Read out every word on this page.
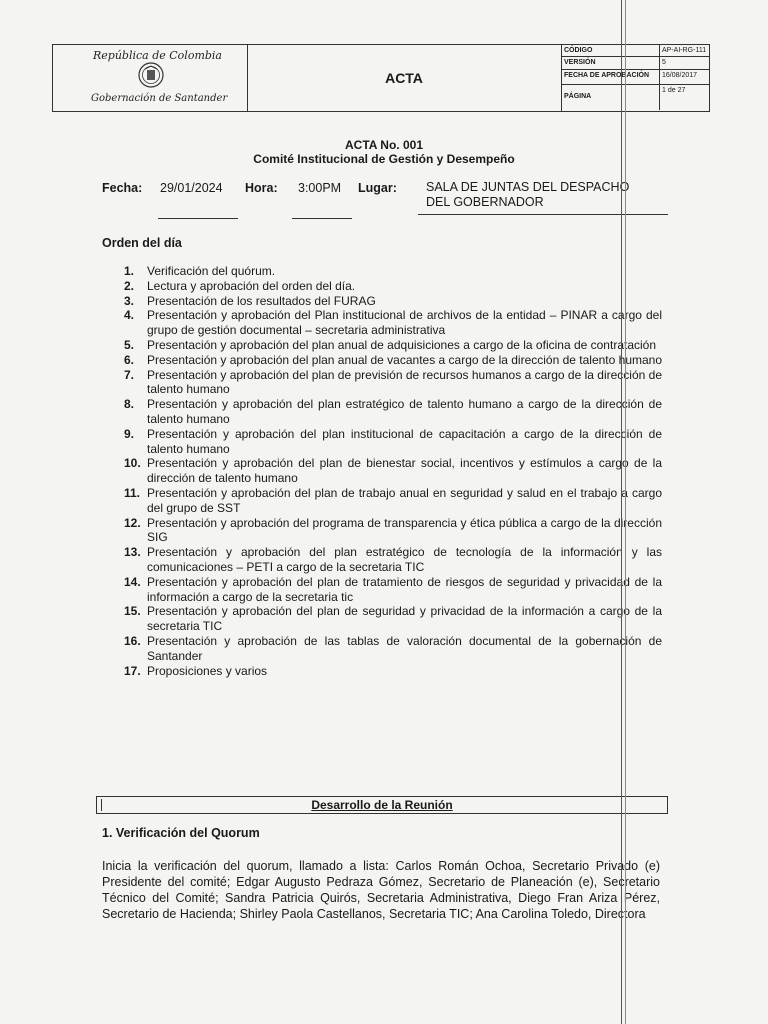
República de Colombia
Gobernación de Santander
ACTA
CÓDIGO	AP-AI-RG-111
VERSIÓN	5
FECHA DE APROBACIÓN 16/08/2017
PÁGINA
1 de 27
ACTA No. 001
Comité Institucional de Gestión y Desempeño
Fecha: 29/01/2024 Hora: 3:00PM Lugar: SALA DE JUNTAS DEL DESPACHO
DEL GOBERNADOR
Orden del día
1. Verificación del quórum.
2. Lectura y aprobación del orden del día.
3. Presentación de los resultados del FURAG
4. Presentación y aprobación del Plan institucional de archivos de la entidad – PINAR a cargo del grupo de gestión documental – secretaria administrativa
5. Presentación y aprobación del plan anual de adquisiciones a cargo de la oficina de contratación
6. Presentación y aprobación del plan anual de vacantes a cargo de la dirección de talento humano
7. Presentación y aprobación del plan de previsión de recursos humanos a cargo de la dirección de talento humano
8. Presentación y aprobación del plan estratégico de talento humano a cargo de la dirección de talento humano
9. Presentación y aprobación del plan institucional de capacitación a cargo de la dirección de talento humano
10. Presentación y aprobación del plan de bienestar social, incentivos y estímulos a cargo de la dirección de talento humano
11. Presentación y aprobación del plan de trabajo anual en seguridad y salud en el trabajo a cargo del grupo de SST
12. Presentación y aprobación del programa de transparencia y ética pública a cargo de la dirección SIG
13. Presentación y aprobación del plan estratégico de tecnología de la información y las comunicaciones – PETI a cargo de la secretaria TIC
14. Presentación y aprobación del plan de tratamiento de riesgos de seguridad y privacidad de la información a cargo de la secretaria tic
15. Presentación y aprobación del plan de seguridad y privacidad de la información a cargo de la secretaria TIC
16. Presentación y aprobación de las tablas de valoración documental de la gobernación de Santander
17. Proposiciones y varios
Desarrollo de la Reunión
1. Verificación del Quorum
Inicia la verificación del quorum, llamado a lista: Carlos Román Ochoa, Secretario Privado (e) Presidente del comité; Edgar Augusto Pedraza Gómez, Secretario de Planeación (e), Secretario Técnico del Comité; Sandra Patricia Quirós, Secretaria Administrativa, Diego Fran Ariza Pérez, Secretario de Hacienda; Shirley Paola Castellanos, Secretaria TIC; Ana Carolina Toledo, Directora
